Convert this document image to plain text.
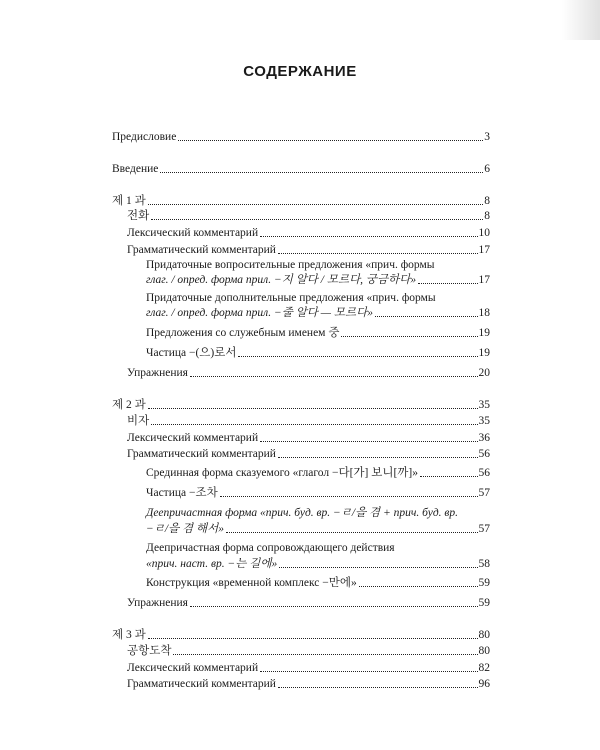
СОДЕРЖАНИЕ
Предисловие	3
Введение	6
제 1 과	8
전화	8
Лексический комментарий	10
Грамматический комментарий	17
Придаточные вопросительные предложения «прич. формы
глаг. / опред. форма прил. −지 알다 / 모르다, 궁금하다»	17
Придаточные дополнительные предложения «прич. формы
глаг. / опред. форма прил. −줄 알다 — 모르다»	18
Предложения со служебным именем 중	19
Частица −(으)로서	19
Упражнения	20
제 2 과	35
비자	35
Лексический комментарий	36
Грамматический комментарий	56
Срединная форма сказуемого «глагол −다[가] 보니[까]»	56
Частица −조차	57
Деепричастная форма «прич. буд. вр. −ㄹ/을 겸 + прич. буд. вр.
−ㄹ/을 겸 해서»	57
Деепричастная форма сопровождающего действия
«прич. наст. вр. −는 길에»	58
Конструкция «временной комплекс −만에»	59
Упражнения	59
제 3 과	80
공항도착	80
Лексический комментарий	82
Грамматический комментарий	96
